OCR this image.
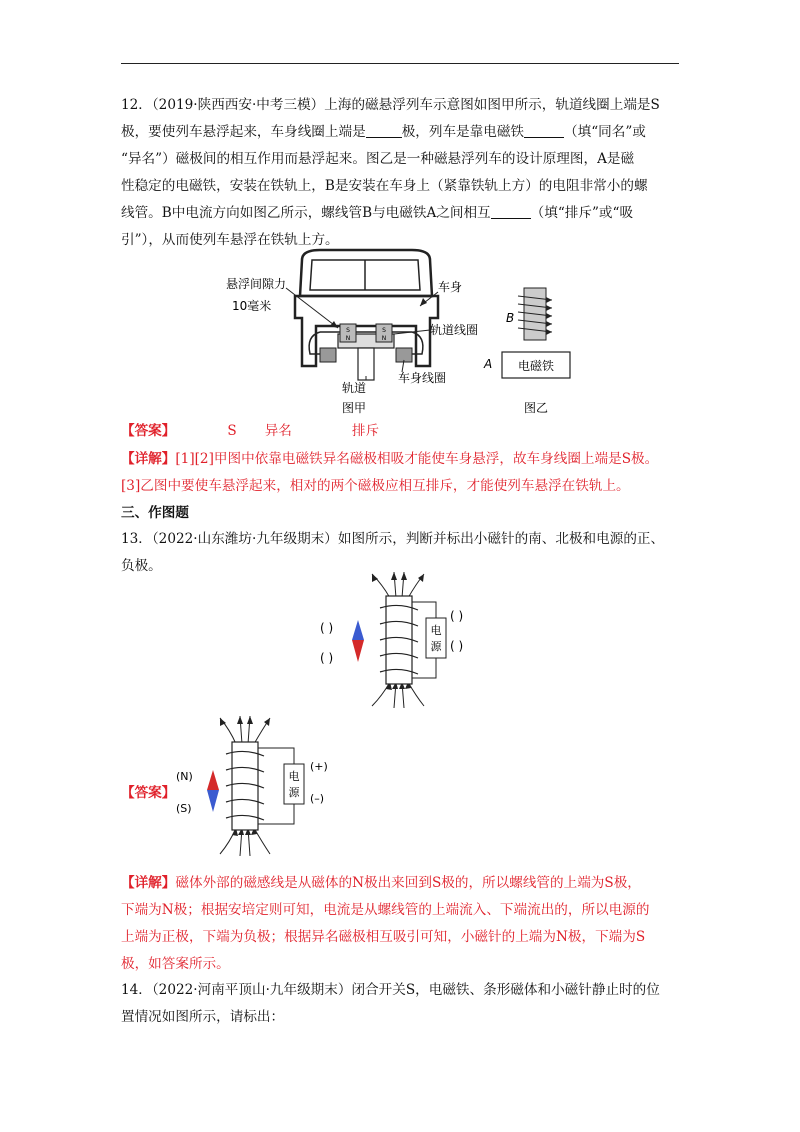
12．（2019·陕西西安·中考三模）上海的磁悬浮列车示意图如图甲所示，轨道线圈上端是S

极，要使列车悬浮起来，车身线圈上端是	极，列车是靠电磁铁	（填“同名”或

“异名”）磁极间的相互作用而悬浮起来。图乙是一种磁悬浮列车的设计原理图，A是磁

性稳定的电磁铁，安装在铁轨上，B是安装在车身上（紧靠铁轨上方）的电阻非常小的螺

线管。B中电流方向如图乙所示，螺线管B与电磁铁A之间相互	（填“排斥”或“吸

引”），从而使列车悬浮在铁轨上方。

S
N
S
N
悬浮间隙力
10毫米
车身
轨道线圈
车身线圈
轨道
图甲
B
电磁铁
A
图乙

【答案】	S 异名	排斥

【详解】[1][2]甲图中依靠电磁铁异名磁极相吸才能使车身悬浮，故车身线圈上端是S极。

[3]乙图中要使车悬浮起来，相对的两个磁极应相互排斥，才能使列车悬浮在铁轨上。

三、作图题

13．（2022·山东潍坊·九年级期末）如图所示，判断并标出小磁针的南、北极和电源的正、

负极。

电
源
( )
( )
( )
( )

【答案】

电
源
(+)
(–)
(N)
(S)

【详解】磁体外部的磁感线是从磁体的N极出来回到S极的，所以螺线管的上端为S极，

下端为N极；根据安培定则可知，电流是从螺线管的上端流入、下端流出的，所以电源的

上端为正极，下端为负极；根据异名磁极相互吸引可知，小磁针的上端为N极，下端为S

极，如答案所示。

14．（2022·河南平顶山·九年级期末）闭合开关S，电磁铁、条形磁体和小磁针静止时的位

置情况如图所示，请标出：
